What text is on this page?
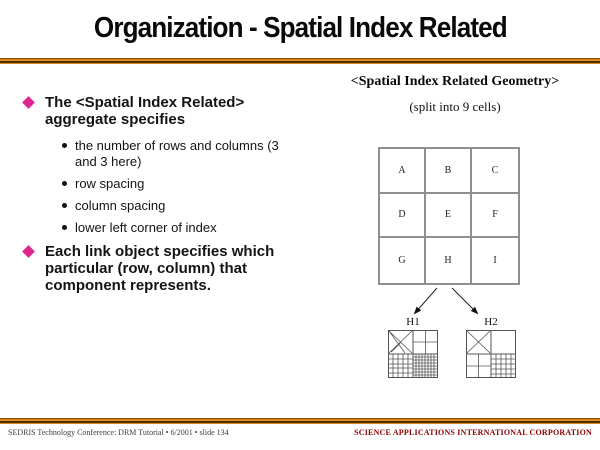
Organization - Spatial Index Related
The <Spatial Index Related> aggregate specifies
the number of rows and columns (3 and 3 here)
row spacing
column spacing
lower left corner of index
Each link object specifies which particular (row, column) that component represents.
<Spatial Index Related Geometry>
(split into 9 cells)
A	B	C
D	E	F
G	H	I
H1	H2
SEDRIS Technology Conference: DRM Tutorial • 6/2001 • slide 134	SCIENCE APPLICATIONS INTERNATIONAL CORPORATION
